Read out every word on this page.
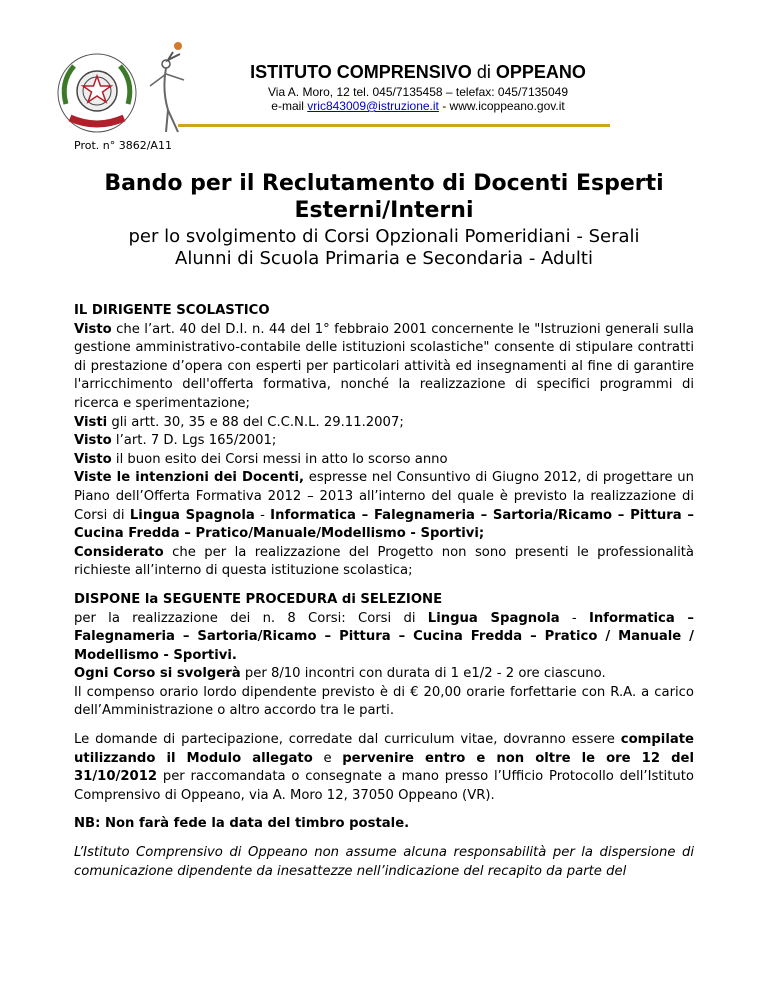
ISTITUTO COMPRENSIVO di OPPEANO
Via A. Moro, 12 tel. 045/7135458 – telefax: 045/7135049
e-mail vric843009@istruzione.it - www.icoppeano.gov.it
Prot. n° 3862/A11
Bando per il Reclutamento di Docenti Esperti Esterni/Interni
per lo svolgimento di Corsi Opzionali Pomeridiani - Serali
Alunni di Scuola Primaria e Secondaria - Adulti

IL DIRIGENTE SCOLASTICO

Visto che l’art. 40 del D.I. n. 44 del 1° febbraio 2001 concernente le "Istruzioni generali sulla gestione amministrativo-contabile delle istituzioni scolastiche" consente di stipulare contratti di prestazione d’opera con esperti per particolari attività ed insegnamenti al fine di garantire l'arricchimento dell'offerta formativa, nonché la realizzazione di specifici programmi di ricerca e sperimentazione;

Visti gli artt. 30, 35 e 88 del C.C.N.L. 29.11.2007;

Visto l’art. 7 D. Lgs 165/2001;

Visto il buon esito dei Corsi messi in atto lo scorso anno

Viste le intenzioni dei Docenti, espresse nel Consuntivo di Giugno 2012, di progettare un Piano dell’Offerta Formativa 2012 – 2013 all’interno del quale è previsto la realizzazione di Corsi di Lingua Spagnola - Informatica – Falegnameria – Sartoria/Ricamo – Pittura – Cucina Fredda – Pratico/Manuale/Modellismo - Sportivi;

Considerato che per la realizzazione del Progetto non sono presenti le professionalità richieste all’interno di questa istituzione scolastica;

DISPONE la SEGUENTE PROCEDURA di SELEZIONE

per la realizzazione dei n. 8 Corsi: Corsi di Lingua Spagnola - Informatica – Falegnameria – Sartoria/Ricamo – Pittura – Cucina Fredda – Pratico / Manuale / Modellismo - Sportivi.

Ogni Corso si svolgerà per 8/10 incontri con durata di 1 e1/2 - 2 ore ciascuno.

Il compenso orario lordo dipendente previsto è di € 20,00 orarie forfettarie con R.A. a carico dell’Amministrazione o altro accordo tra le parti.

Le domande di partecipazione, corredate dal curriculum vitae, dovranno essere compilate utilizzando il Modulo allegato e pervenire entro e non oltre le ore 12 del 31/10/2012 per raccomandata o consegnate a mano presso l’Ufficio Protocollo dell’Istituto Comprensivo di Oppeano, via A. Moro 12, 37050 Oppeano (VR).

NB: Non farà fede la data del timbro postale.

L’Istituto Comprensivo di Oppeano non assume alcuna responsabilità per la dispersione di comunicazione dipendente da inesattezze nell’indicazione del recapito da parte del
